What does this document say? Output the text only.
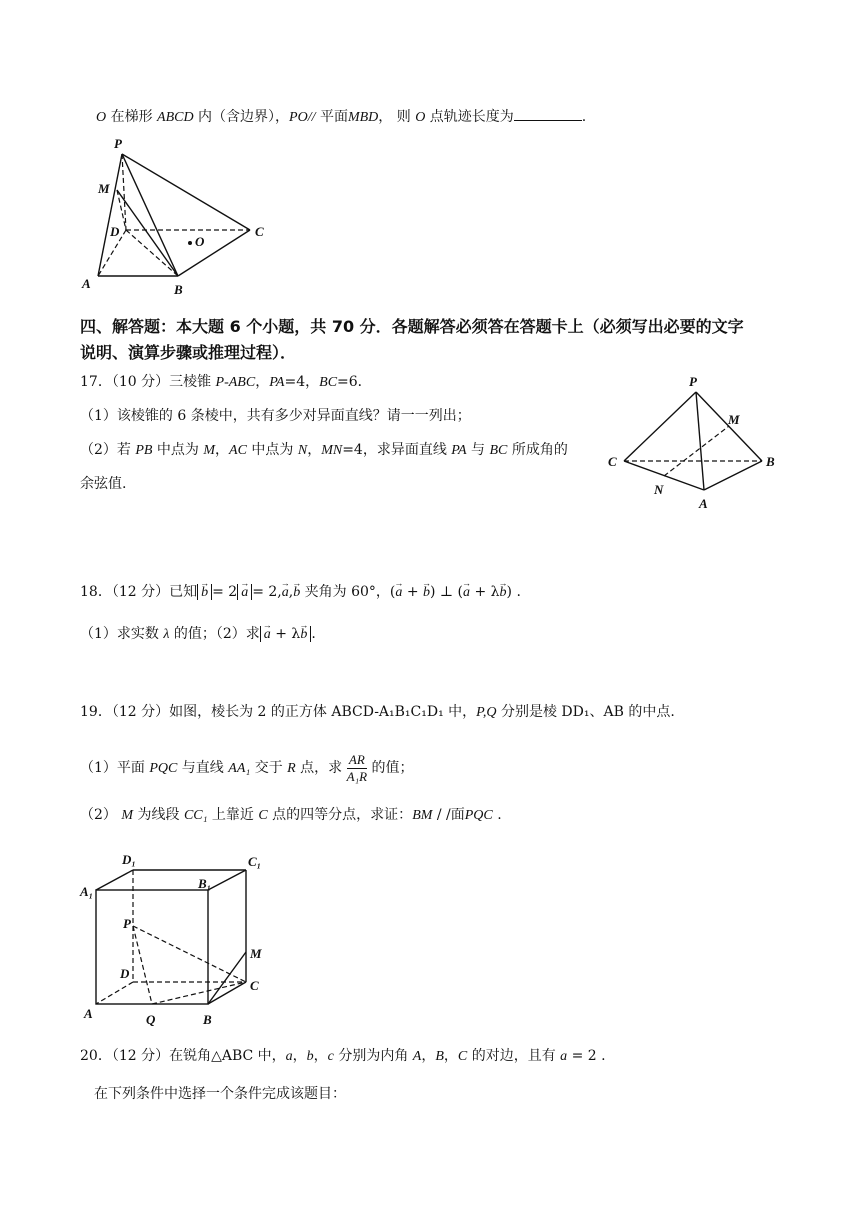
O 在梯形 ABCD 内（含边界），PO// 平面MBD， 则 O 点轨迹长度为	.
P
M
D	C
O
A	B
四、解答题：本大题 6 个小题，共 70 分．各题解答必须答在答题卡上（必须写出必要的文字
说明、演算步骤或推理过程）．
17．（10 分）三棱锥 P-ABC，PA=4，BC=6．
（1）该棱锥的 6 条棱中，共有多少对异面直线？请一一列出；
（2）若 PB 中点为 M，AC 中点为 N，MN=4，求异面直线 PA 与 BC 所成角的
余弦值.
P
M
C	B
N
A
18．（12 分）已知 → b = 2 → a = 2,→ a,→ b 夹角为 60°，(→ a + → b) ⊥ (→ a + λ→ b) .
（1）求实数 λ 的值；（2）求 → a + λ→ b .
19．（12 分）如图，棱长为 2 的正方体 ABCD-A₁B₁C₁D₁ 中，P,Q 分别是棱 DD₁、AB 的中点.
（1）平面 PQC 与直线 AA₁ 交于 R 点，求 $\frac{AR}{\text{A₁R}}$ 的值；
（2） M 为线段 CC₁ 上靠近 C 点的四等分点，求证：BM / /面PQC .
D₁	C₁
A₁
B₁
P
M
D
C
A	Q	B
20．（12 分）在锐角△ABC 中，a，b，c 分别为内角 A，B，C 的对边，且有 a = 2 .
在下列条件中选择一个条件完成该题目：
